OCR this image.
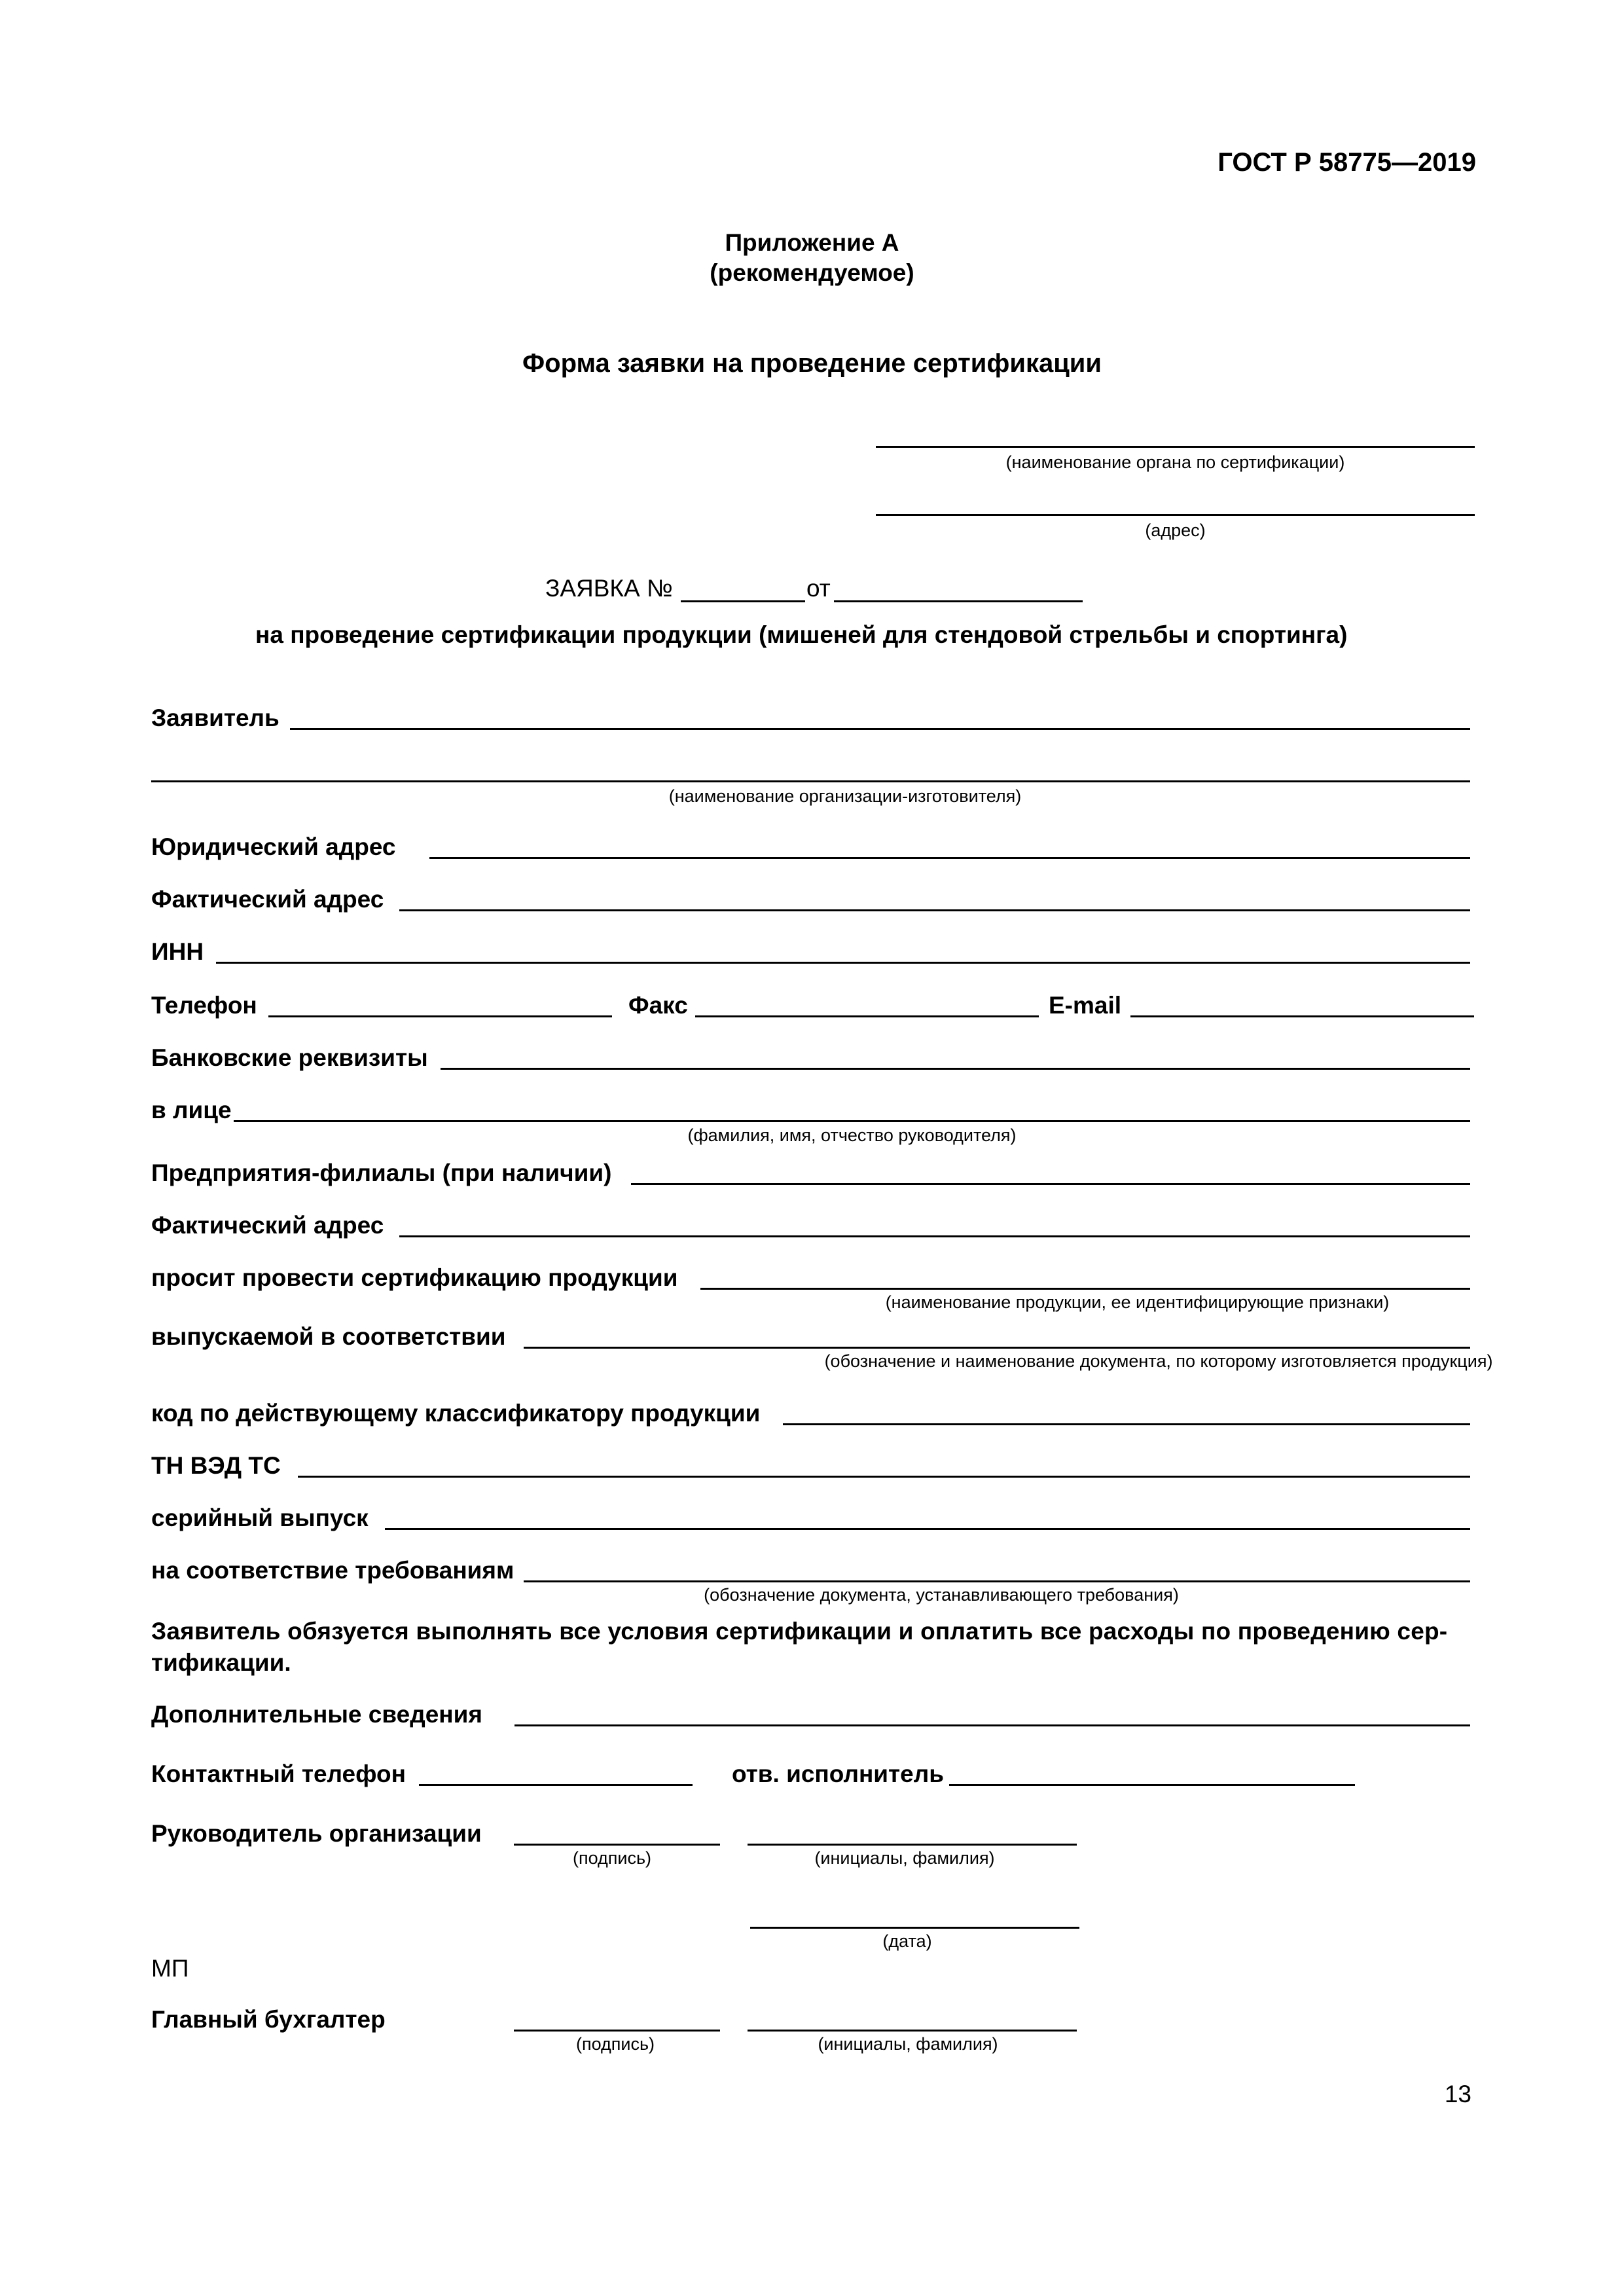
ГОСТ Р 58775—2019
Приложение А
(рекомендуемое)
Форма заявки на проведение сертификации
(наименование органа по сертификации)
(адрес)
ЗАЯВКА №	от
на проведение сертификации продукции (мишеней для стендовой стрельбы и спортинга)
Заявитель
(наименование организации-изготовителя)
Юридический адрес
Фактический адрес
ИНН
Телефон	Факс	E-mail
Банковские реквизиты
в лице
(фамилия, имя, отчество руководителя)
Предприятия-филиалы (при наличии)
Фактический адрес
просит провести сертификацию продукции
(наименование продукции, ее идентифицирующие признаки)
выпускаемой в соответствии
(обозначение и наименование документа, по которому изготовляется продукция)
код по действующему классификатору продукции
ТН ВЭД ТС
серийный выпуск
на соответствие требованиям
(обозначение документа, устанавливающего требования)
Заявитель обязуется выполнять все условия сертификации и оплатить все расходы по проведению сер-
тификации.
Дополнительные сведения
Контактный телефон	отв. исполнитель
Руководитель организации
(подпись)	(инициалы, фамилия)
(дата)
МП
Главный бухгалтер
(подпись)	(инициалы, фамилия)
13
